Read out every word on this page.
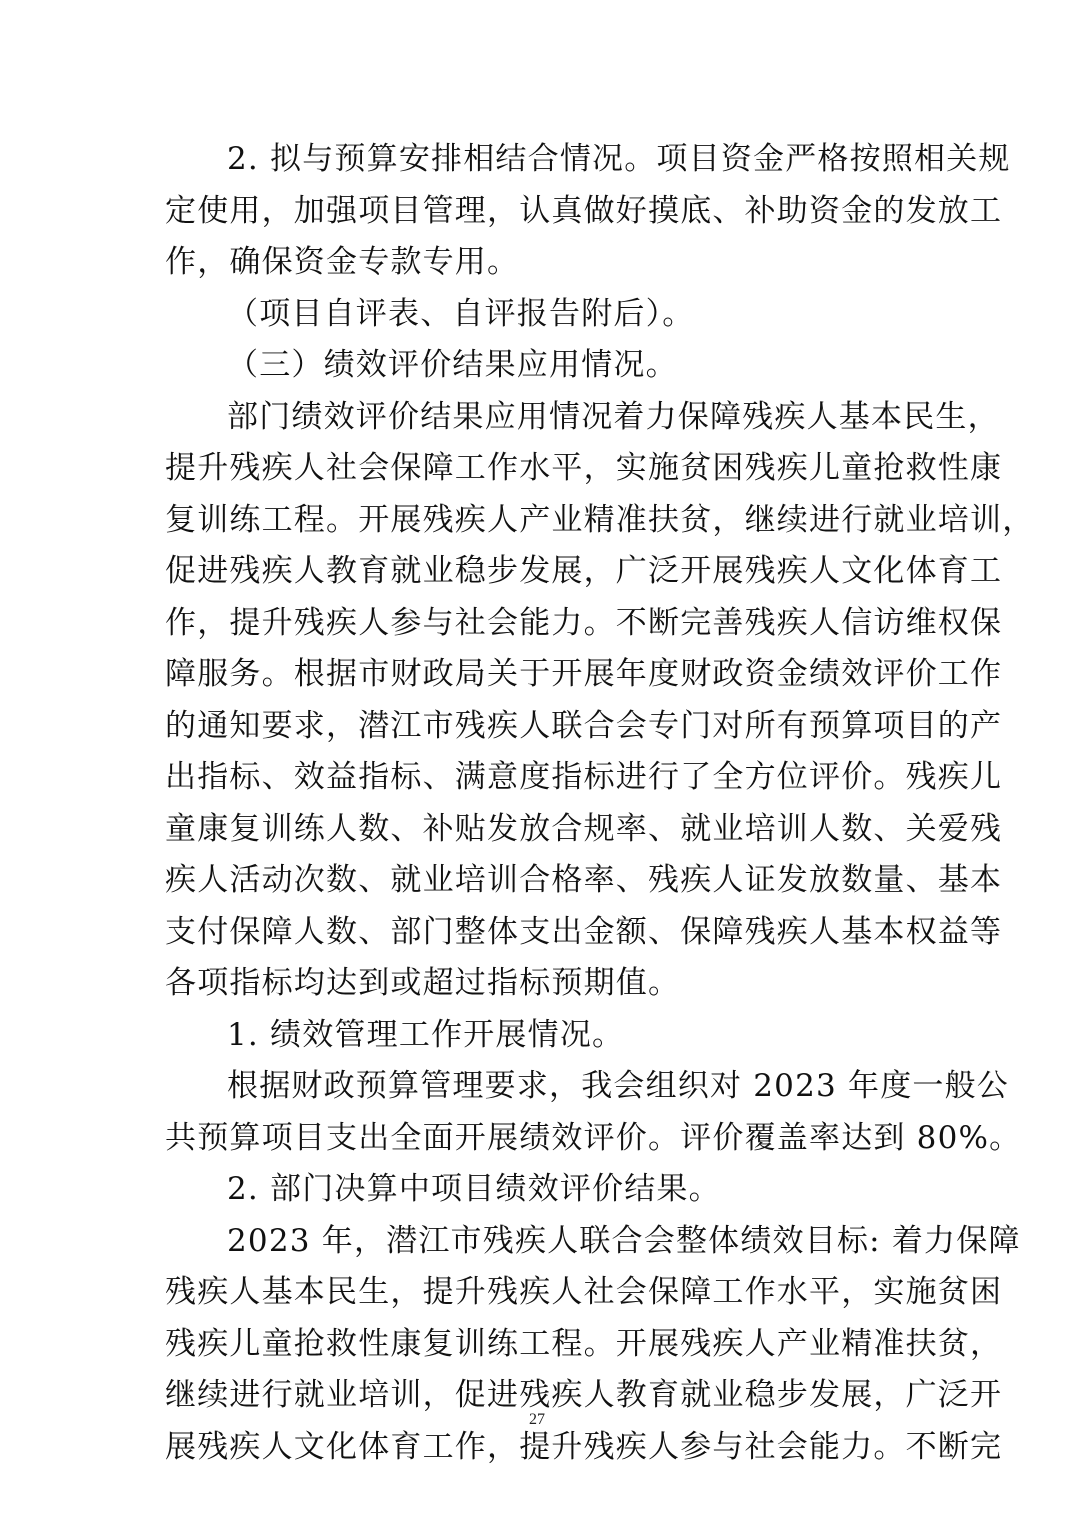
2. 拟与预算安排相结合情况。项目资金严格按照相关规
定使用，加强项目管理，认真做好摸底、补助资金的发放工
作，确保资金专款专用。
（项目自评表、自评报告附后）。
（三）绩效评价结果应用情况。
部门绩效评价结果应用情况着力保障残疾人基本民生，
提升残疾人社会保障工作水平，实施贫困残疾儿童抢救性康
复训练工程。开展残疾人产业精准扶贫，继续进行就业培训，
促进残疾人教育就业稳步发展，广泛开展残疾人文化体育工
作，提升残疾人参与社会能力。不断完善残疾人信访维权保
障服务。根据市财政局关于开展年度财政资金绩效评价工作
的通知要求，潜江市残疾人联合会专门对所有预算项目的产
出指标、效益指标、满意度指标进行了全方位评价。残疾儿
童康复训练人数、补贴发放合规率、就业培训人数、关爱残
疾人活动次数、就业培训合格率、残疾人证发放数量、基本
支付保障人数、部门整体支出金额、保障残疾人基本权益等
各项指标均达到或超过指标预期值。
1. 绩效管理工作开展情况。
根据财政预算管理要求，我会组织对 2023 年度一般公
共预算项目支出全面开展绩效评价。评价覆盖率达到 80%。
2. 部门决算中项目绩效评价结果。
2023 年，潜江市残疾人联合会整体绩效目标: 着力保障
残疾人基本民生，提升残疾人社会保障工作水平，实施贫困
残疾儿童抢救性康复训练工程。开展残疾人产业精准扶贫，
继续进行就业培训，促进残疾人教育就业稳步发展，广泛开
展残疾人文化体育工作，提升残疾人参与社会能力。不断完
27
